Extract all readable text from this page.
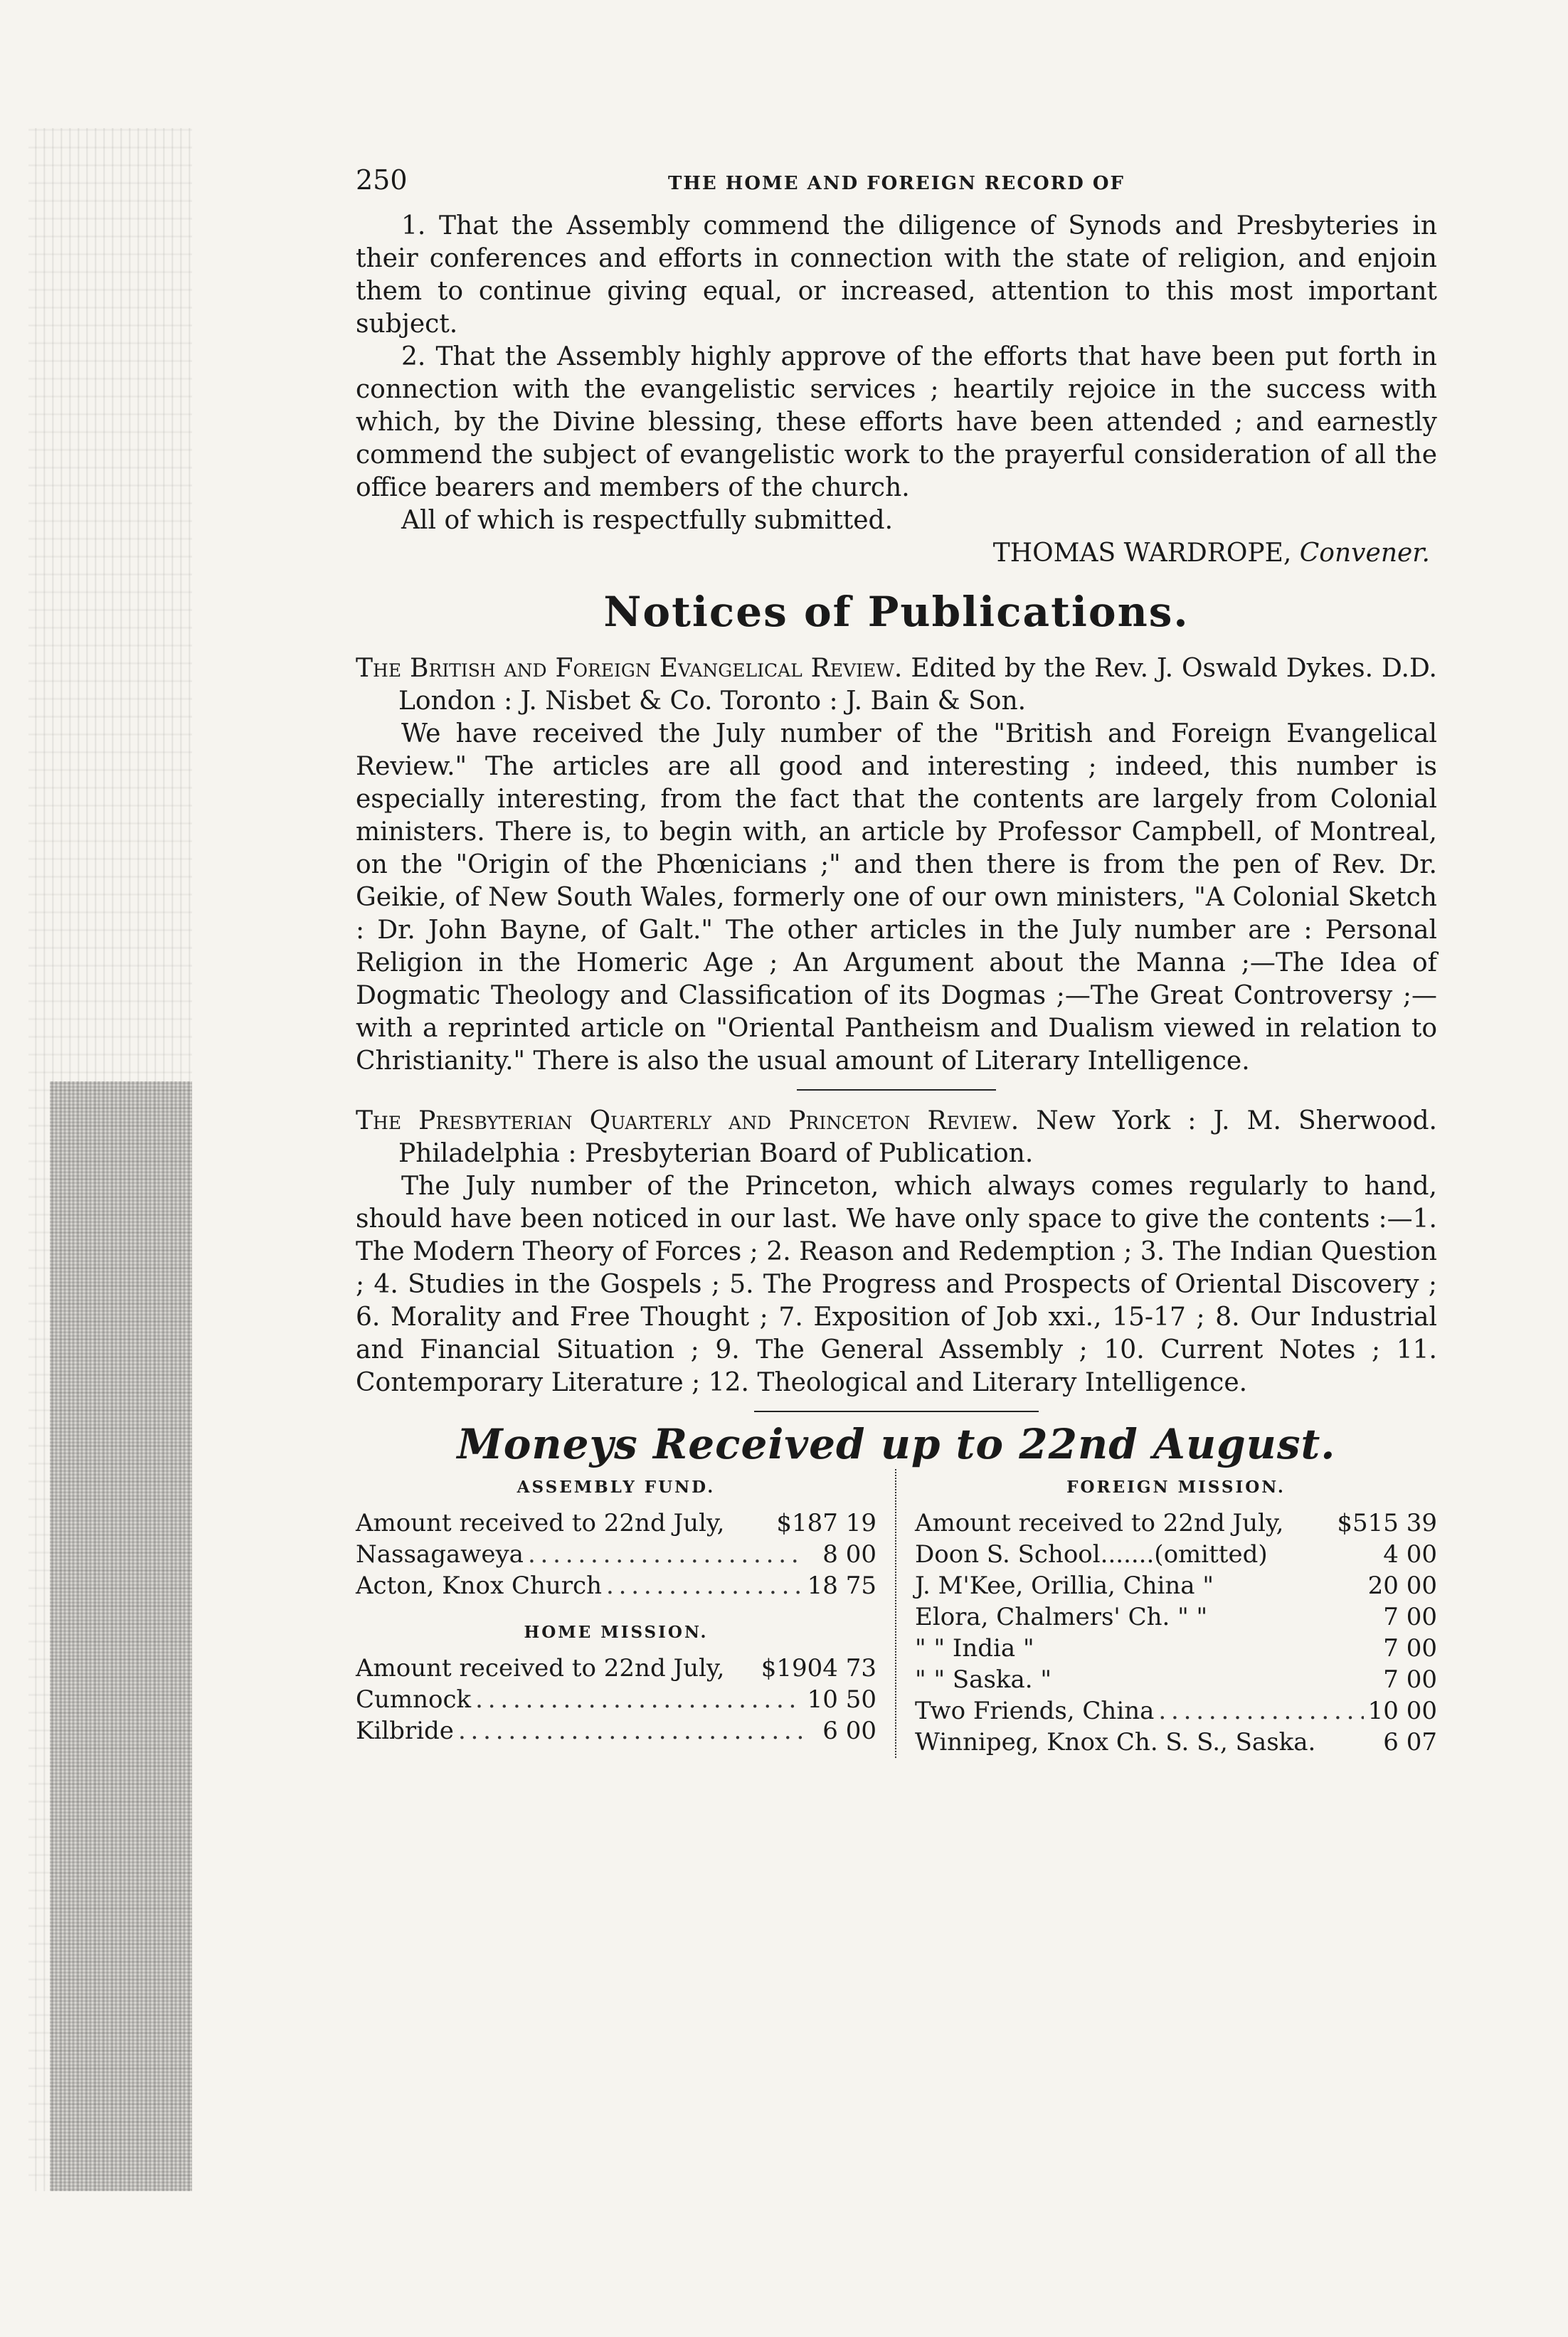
250	THE HOME AND FOREIGN RECORD OF

1. That the Assembly commend the diligence of Synods and Presbyteries in their conferences and efforts in connection with the state of religion, and enjoin them to continue giving equal, or increased, attention to this most important subject.

2. That the Assembly highly approve of the efforts that have been put forth in connection with the evangelistic services ; heartily rejoice in the success with which, by the Divine blessing, these efforts have been attended ; and earnestly commend the subject of evangelistic work to the prayerful consideration of all the office bearers and members of the church.

All of which is respectfully submitted.

THOMAS WARDROPE, Convener.

Notices of Publications.

The British and Foreign Evangelical Review. Edited by the Rev. J. Oswald Dykes. D.D. London : J. Nisbet & Co. Toronto : J. Bain & Son.

We have received the July number of the "British and Foreign Evangelical Review." The articles are all good and interesting ; indeed, this number is especially interesting, from the fact that the contents are largely from Colonial ministers. There is, to begin with, an article by Professor Campbell, of Montreal, on the "Origin of the Phœnicians ;" and then there is from the pen of Rev. Dr. Geikie, of New South Wales, formerly one of our own ministers, "A Colonial Sketch : Dr. John Bayne, of Galt." The other articles in the July number are : Personal Religion in the Homeric Age ; An Argument about the Manna ;—The Idea of Dogmatic Theology and Classification of its Dogmas ;—The Great Controversy ;—with a reprinted article on "Oriental Pantheism and Dualism viewed in relation to Christianity." There is also the usual amount of Literary Intelligence.

The Presbyterian Quarterly and Princeton Review. New York : J. M. Sherwood. Philadelphia : Presbyterian Board of Publication.

The July number of the Princeton, which always comes regularly to hand, should have been noticed in our last. We have only space to give the contents :—1. The Modern Theory of Forces ; 2. Reason and Redemption ; 3. The Indian Question ; 4. Studies in the Gospels ; 5. The Progress and Prospects of Oriental Discovery ; 6. Morality and Free Thought ; 7. Exposition of Job xxi., 15-17 ; 8. Our Industrial and Financial Situation ; 9. The General Assembly ; 10. Current Notes ; 11. Contemporary Literature ; 12. Theological and Literary Intelligence.

Moneys Received up to 22nd August.
ASSEMBLY FUND.
Amount received to 22nd July, $187 19
Nassagaweya . . .	8 00
Acton, Knox Church . . .	18 75
HOME MISSION.
Amount received to 22nd July, $1904 73
Cumnock . . .	10 50
Kilbride . . .	6 00
FOREIGN MISSION.
Amount received to 22nd July, $515 39
Doon S. School.......(omitted)	4 00
J. M'Kee, Orillia, China "	20 00
Elora, Chalmers' Ch. " "	7 00
" " India "	7 00
" " Saska. "	7 00
Two Friends, China . . .	10 00
Winnipeg, Knox Ch. S. S., Saska.	6 07
